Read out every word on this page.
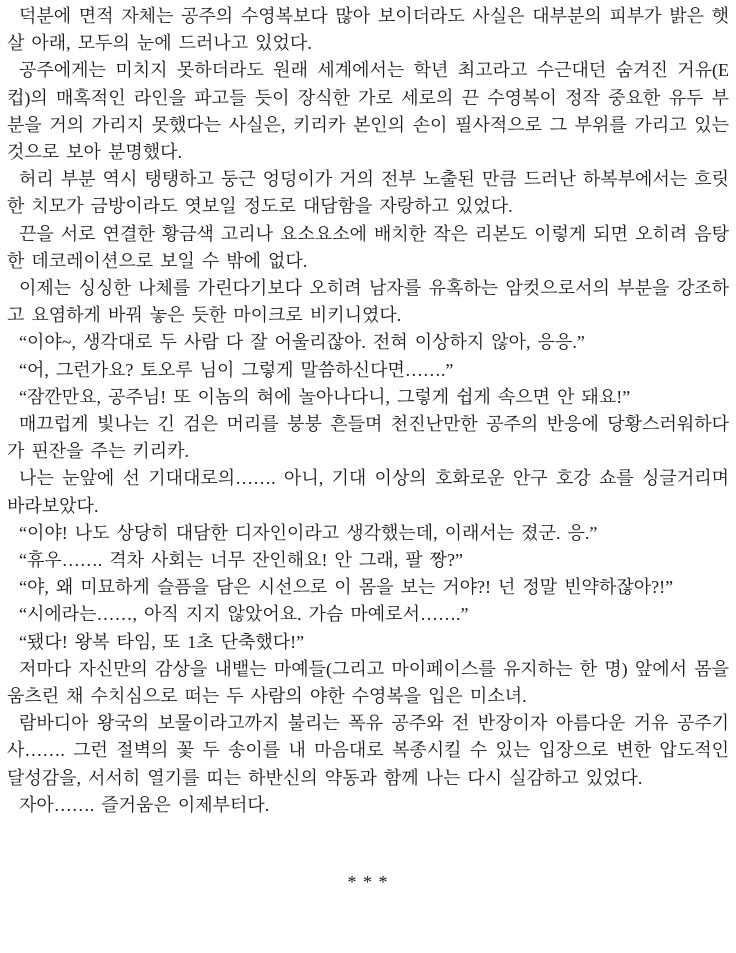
덕분에 면적 자체는 공주의 수영복보다 많아 보이더라도 사실은 대부분의 피부가 밝은 햇살 아래, 모두의 눈에 드러나고 있었다.

공주에게는 미치지 못하더라도 원래 세계에서는 학년 최고라고 수근대던 숨겨진 거유(E컵)의 매혹적인 라인을 파고들 듯이 장식한 가로 세로의 끈 수영복이 정작 중요한 유두 부분을 거의 가리지 못했다는 사실은, 키리카 본인의 손이 필사적으로 그 부위를 가리고 있는 것으로 보아 분명했다.

허리 부분 역시 탱탱하고 둥근 엉덩이가 거의 전부 노출된 만큼 드러난 하복부에서는 흐릿한 치모가 금방이라도 엿보일 정도로 대담함을 자랑하고 있었다.

끈을 서로 연결한 황금색 고리나 요소요소에 배치한 작은 리본도 이렇게 되면 오히려 음탕한 데코레이션으로 보일 수 밖에 없다.

이제는 싱싱한 나체를 가린다기보다 오히려 남자를 유혹하는 암컷으로서의 부분을 강조하고 요염하게 바꿔 놓은 듯한 마이크로 비키니였다.

“이야~, 생각대로 두 사람 다 잘 어울리잖아. 전혀 이상하지 않아, 응응.”

“어, 그런가요? 토오루 님이 그렇게 말씀하신다면…….”

“잠깐만요, 공주님! 또 이놈의 혀에 놀아나다니, 그렇게 쉽게 속으면 안 돼요!”

매끄럽게 빛나는 긴 검은 머리를 붕붕 흔들며 천진난만한 공주의 반응에 당황스러워하다가 핀잔을 주는 키리카.

나는 눈앞에 선 기대대로의……. 아니, 기대 이상의 호화로운 안구 호강 쇼를 싱글거리며 바라보았다.

“이야! 나도 상당히 대담한 디자인이라고 생각했는데, 이래서는 졌군. 응.”

“휴우……. 격차 사회는 너무 잔인해요! 안 그래, 팔 짱?”

“야, 왜 미묘하게 슬픔을 담은 시선으로 이 몸을 보는 거야?! 넌 정말 빈약하잖아?!”

“시에라는……, 아직 지지 않았어요. 가슴 마예로서…….”

“됐다! 왕복 타임, 또 1초 단축했다!”

저마다 자신만의 감상을 내뱉는 마예들(그리고 마이페이스를 유지하는 한 명) 앞에서 몸을 움츠린 채 수치심으로 떠는 두 사람의 야한 수영복을 입은 미소녀.

람바디아 왕국의 보물이라고까지 불리는 폭유 공주와 전 반장이자 아름다운 거유 공주기사……. 그런 절벽의 꽃 두 송이를 내 마음대로 복종시킬 수 있는 입장으로 변한 압도적인 달성감을, 서서히 열기를 띠는 하반신의 약동과 함께 나는 다시 실감하고 있었다.

자아……. 즐거움은 이제부터다.

* * *
